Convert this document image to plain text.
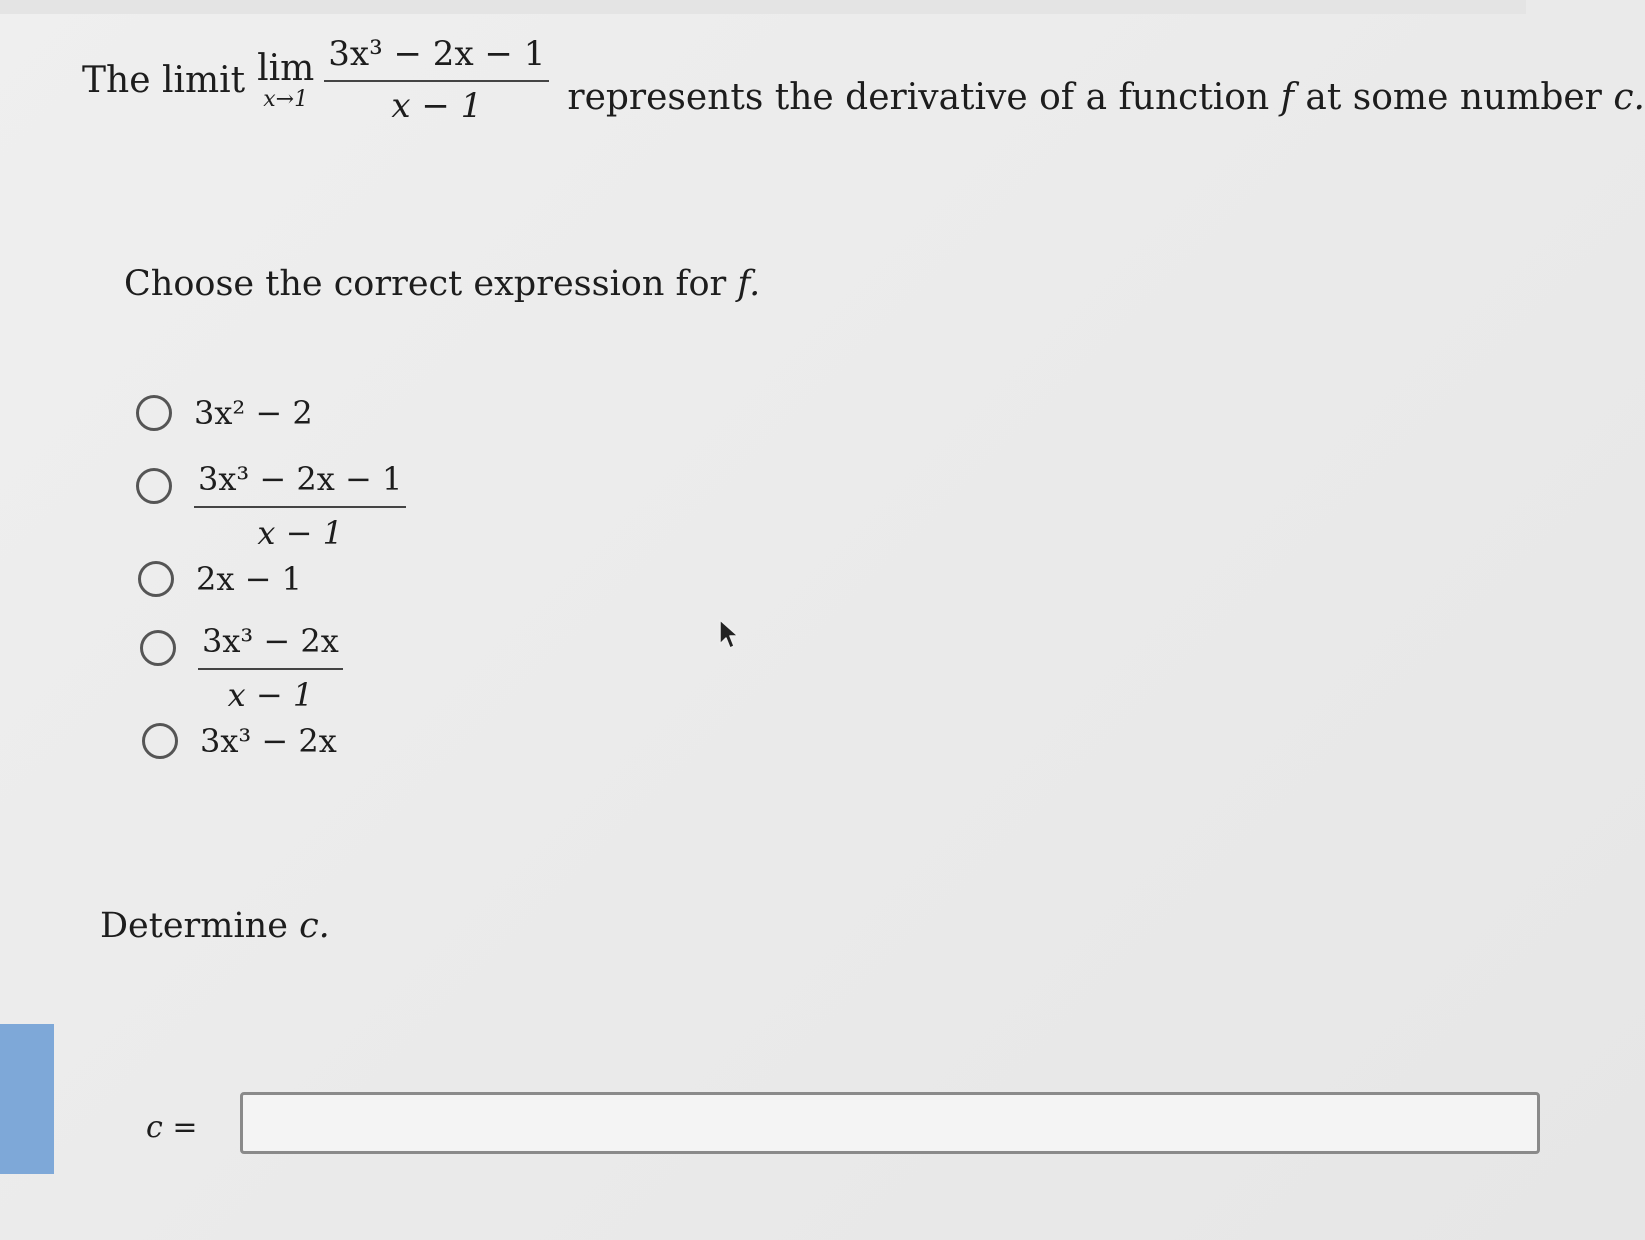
The limit lim
$x\to 1 \frac{\text{3x³ − 2x − 1}}{x - 1}$ represents the derivative of a function f at some number c.
Choose the correct expression for f.
3x² − 2
$\frac{\text{3x³ − 2x − 1}}{x - 1}$
2x − 1
$\frac{\text{3x³ − 2x}}{x - 1}$
3x³ − 2x
Determine c.
c =
